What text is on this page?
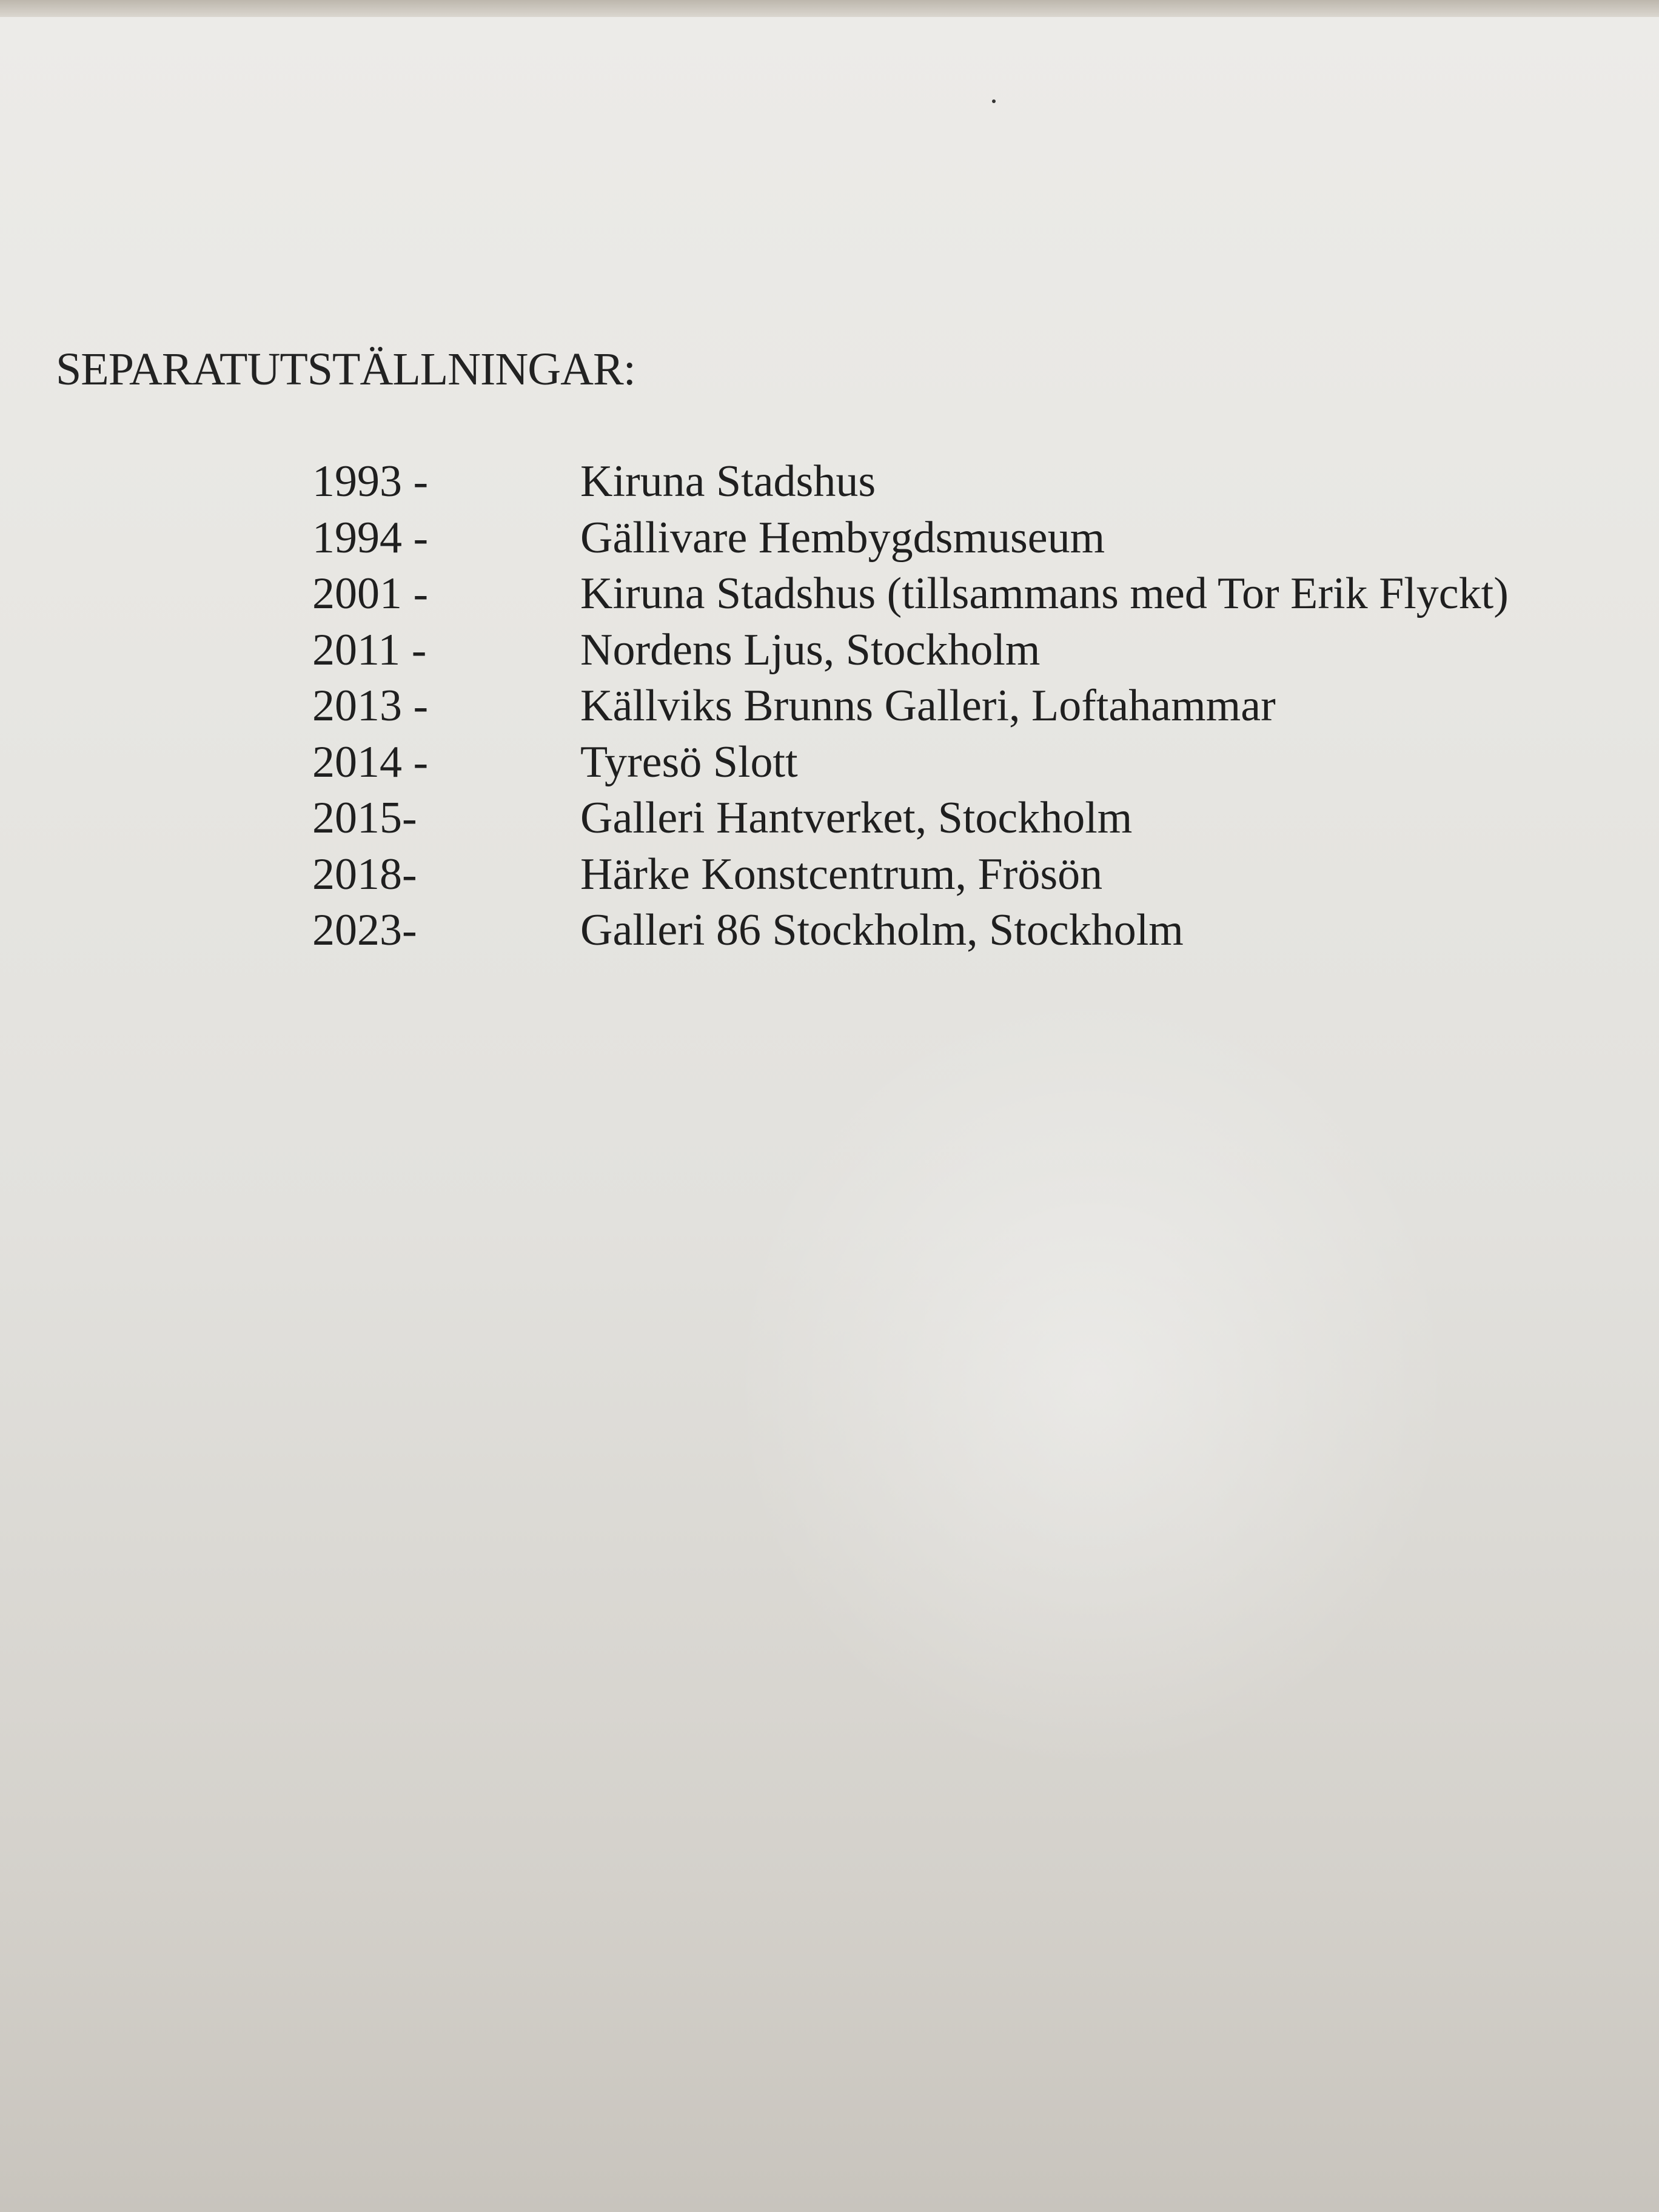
SEPARATUTSTÄLLNINGAR:
1993 -	Kiruna Stadshus
1994 -	Gällivare Hembygdsmuseum
2001 -	Kiruna Stadshus (tillsammans med Tor Erik Flyckt)
2011 -	Nordens Ljus, Stockholm
2013 -	Källviks Brunns Galleri, Loftahammar
2014 -	Tyresö Slott
2015-	Galleri Hantverket, Stockholm
2018-	Härke Konstcentrum, Frösön
2023-	Galleri 86 Stockholm, Stockholm
